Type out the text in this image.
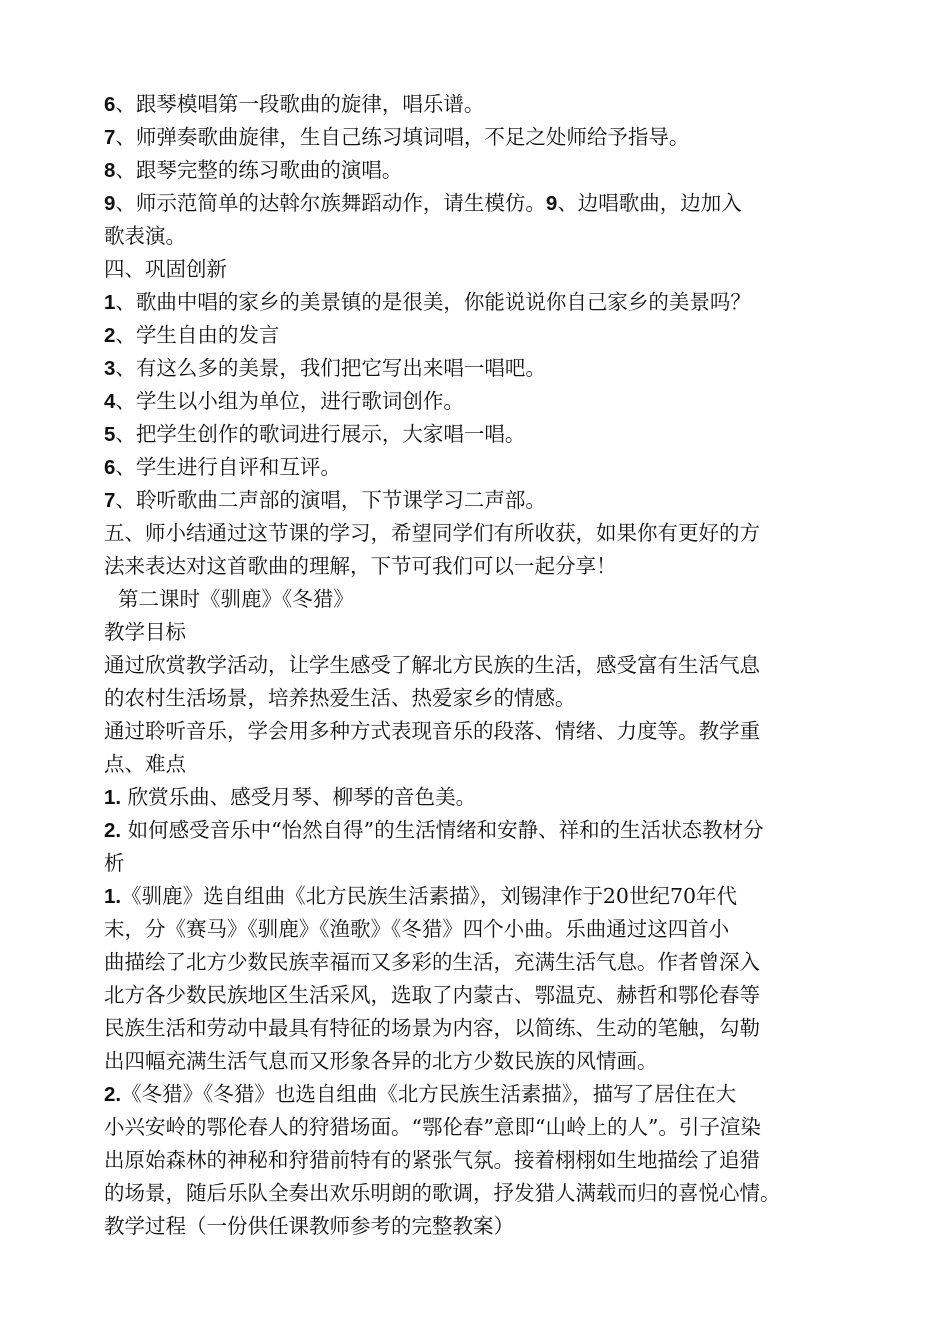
6、跟琴模唱第一段歌曲的旋律，唱乐谱。
7、师弹奏歌曲旋律，生自己练习填词唱，不足之处师给予指导。
8、跟琴完整的练习歌曲的演唱。
9、师示范简单的达斡尔族舞蹈动作，请生模仿。9、边唱歌曲，边加入
歌表演。
四、巩固创新
1、歌曲中唱的家乡的美景镇的是很美，你能说说你自己家乡的美景吗？
2、学生自由的发言
3、有这么多的美景，我们把它写出来唱一唱吧。
4、学生以小组为单位，进行歌词创作。
5、把学生创作的歌词进行展示，大家唱一唱。
6、学生进行自评和互评。
7、聆听歌曲二声部的演唱，下节课学习二声部。
五、师小结通过这节课的学习，希望同学们有所收获，如果你有更好的方
法来表达对这首歌曲的理解，下节可我们可以一起分享！
第二课时《驯鹿》《冬猎》
教学目标
通过欣赏教学活动，让学生感受了解北方民族的生活，感受富有生活气息
的农村生活场景，培养热爱生活、热爱家乡的情感。
通过聆听音乐，学会用多种方式表现音乐的段落、情绪、力度等。教学重
点、难点
1. 欣赏乐曲、感受月琴、柳琴的音色美。
2. 如何感受音乐中“怡然自得”的生活情绪和安静、祥和的生活状态教材分
析
1.《驯鹿》选自组曲《北方民族生活素描》，刘锡津作于20世纪70年代
末，分《赛马》《驯鹿》《渔歌》《冬猎》四个小曲。乐曲通过这四首小
曲描绘了北方少数民族幸福而又多彩的生活，充满生活气息。作者曾深入
北方各少数民族地区生活采风，选取了内蒙古、鄂温克、赫哲和鄂伦春等
民族生活和劳动中最具有特征的场景为内容，以简练、生动的笔触，勾勒
出四幅充满生活气息而又形象各异的北方少数民族的风情画。
2.《冬猎》《冬猎》也选自组曲《北方民族生活素描》，描写了居住在大
小兴安岭的鄂伦春人的狩猎场面。“鄂伦春”意即“山岭上的人”。引子渲染
出原始森林的神秘和狩猎前特有的紧张气氛。接着栩栩如生地描绘了追猎
的场景，随后乐队全奏出欢乐明朗的歌调，抒发猎人满载而归的喜悦心情。
教学过程（一份供任课教师参考的完整教案）
